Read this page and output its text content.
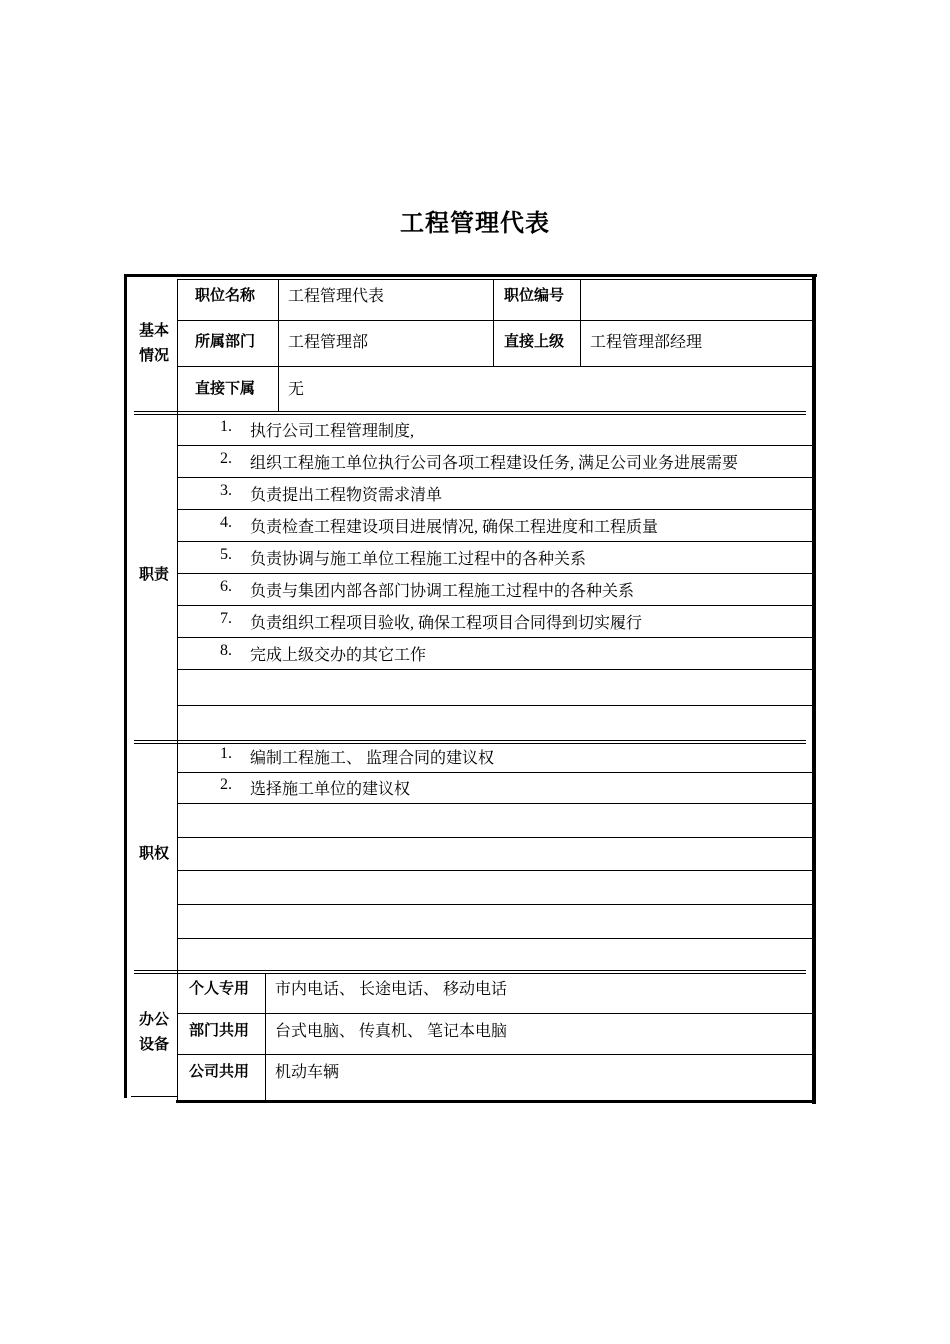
工程管理代表
基本
情况
职位名称 工程管理代表	职位编号
所属部门 工程管理部	直接上级 工程管理部经理
直接下属 无
职责
1.	执行公司工程管理制度,
2.	组织工程施工单位执行公司各项工程建设任务, 满足公司业务进展需要
3.	负责提出工程物资需求清单
4.	负责检查工程建设项目进展情况, 确保工程进度和工程质量
5.	负责协调与施工单位工程施工过程中的各种关系
6.	负责与集团内部各部门协调工程施工过程中的各种关系
7.	负责组织工程项目验收, 确保工程项目合同得到切实履行
8.	完成上级交办的其它工作
职权
1.	编制工程施工、 监理合同的建议权
2.	选择施工单位的建议权
办公
设备
个人专用 市内电话、 长途电话、 移动电话
部门共用 台式电脑、 传真机、 笔记本电脑
公司共用 机动车辆
